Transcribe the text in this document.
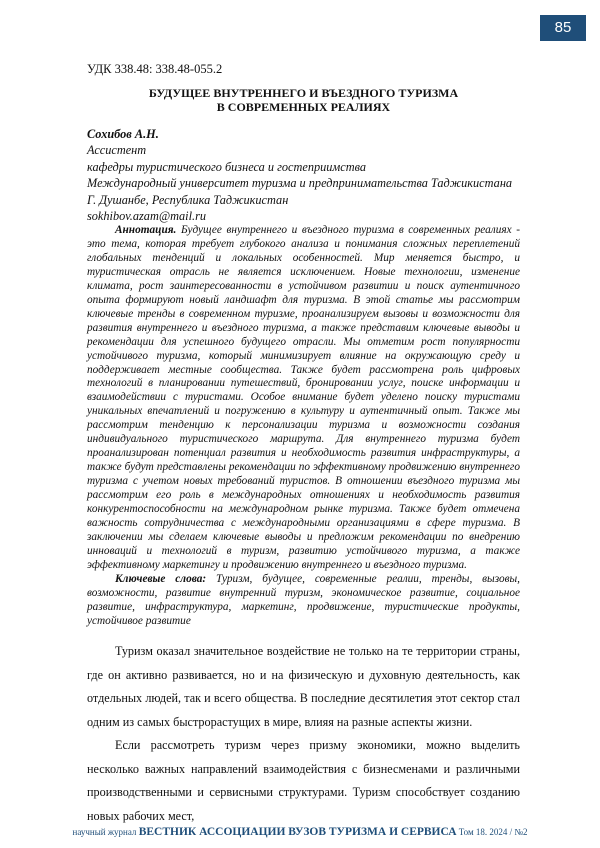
85
УДК 338.48: 338.48-055.2
БУДУЩЕЕ ВНУТРЕННЕГО И ВЪЕЗДНОГО ТУРИЗМА
В СОВРЕМЕННЫХ РЕАЛИЯХ
Сохибов А.Н.
Ассистент
кафедры туристического бизнеса и гостеприимства
Международный университет туризма и предпринимательства Таджикистана
Г. Душанбе, Республика Таджикистан
sokhibov.azam@mail.ru
Аннотация. Будущее внутреннего и въездного туризма в современных реалиях - это тема, которая требует глубокого анализа и понимания сложных переплетений глобальных тенденций и локальных особенностей. Мир меняется быстро, и туристическая отрасль не является исключением. Новые технологии, изменение климата, рост заинтересованности в устойчивом развитии и поиск аутентичного опыта формируют новый ландшафт для туризма. В этой статье мы рассмотрим ключевые тренды в современном туризме, проанализируем вызовы и возможности для развития внутреннего и въездного туризма, а также представим ключевые выводы и рекомендации для успешного будущего отрасли. Мы отметим рост популярности устойчивого туризма, который минимизирует влияние на окружающую среду и поддерживает местные сообщества. Также будет рассмотрена роль цифровых технологий в планировании путешествий, бронировании услуг, поиске информации и взаимодействии с туристами. Особое внимание будет уделено поиску туристами уникальных впечатлений и погружению в культуру и аутентичный опыт. Также мы рассмотрим тенденцию к персонализации туризма и возможности создания индивидуального туристического маршрута. Для внутреннего туризма будет проанализирован потенциал развития и необходимость развития инфраструктуры, а также будут представлены рекомендации по эффективному продвижению внутреннего туризма с учетом новых требований туристов. В отношении въездного туризма мы рассмотрим его роль в международных отношениях и необходимость развития конкурентоспособности на международном рынке туризма. Также будет отмечена важность сотрудничества с международными организациями в сфере туризма. В заключении мы сделаем ключевые выводы и предложим рекомендации по внедрению инноваций и технологий в туризм, развитию устойчивого туризма, а также эффективному маркетингу и продвижению внутреннего и въездного туризма.
Ключевые слова: Туризм, будущее, современные реалии, тренды, вызовы, возможности, развитие внутренний туризм, экономическое развитие, социальное развитие, инфраструктура, маркетинг, продвижение, туристические продукты, устойчивое развитие

Туризм оказал значительное воздействие не только на те территории страны, где он активно развивается, но и на физическую и духовную деятельность, как отдельных людей, так и всего общества. В последние десятилетия этот сектор стал одним из самых быстрорастущих в мире, влияя на разные аспекты жизни.

Если рассмотреть туризм через призму экономики, можно выделить несколько важных направлений взаимодействия с бизнесменами и различными производственными и сервисными структурами. Туризм способствует созданию новых рабочих мест,

научный журнал ВЕСТНИК АССОЦИАЦИИ ВУЗОВ ТУРИЗМА И СЕРВИСА Том 18. 2024 / №2
